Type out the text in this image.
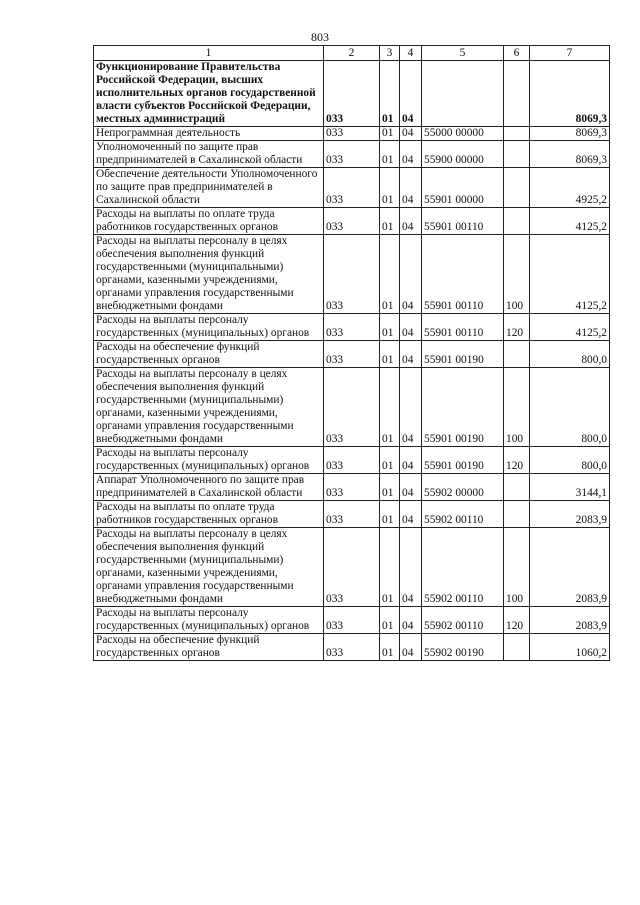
803
1	2	3	4	5	6	7
Функционирование Правительства Российской Федерации, высших исполнительных органов государственной власти субъектов Российской Федерации, местных администраций	033	01	04			8069,3
Непрограммная деятельность	033	01	04	55000 00000		8069,3
Уполномоченный по защите прав предпринимателей в Сахалинской области	033	01	04	55900 00000		8069,3
Обеспечение деятельности Уполномоченного по защите прав предпринимателей в Сахалинской области	033	01	04	55901 00000		4925,2
Расходы на выплаты по оплате труда работников государственных органов	033	01	04	55901 00110		4125,2
Расходы на выплаты персоналу в целях обеспечения выполнения функций государственными (муниципальными) органами, казенными учреждениями, органами управления государственными внебюджетными фондами	033	01	04	55901 00110	100	4125,2
Расходы на выплаты персоналу государственных (муниципальных) органов	033	01	04	55901 00110	120	4125,2
Расходы на обеспечение функций государственных органов	033	01	04	55901 00190		800,0
Расходы на выплаты персоналу в целях обеспечения выполнения функций государственными (муниципальными) органами, казенными учреждениями, органами управления государственными внебюджетными фондами	033	01	04	55901 00190	100	800,0
Расходы на выплаты персоналу государственных (муниципальных) органов	033	01	04	55901 00190	120	800,0
Аппарат Уполномоченного по защите прав предпринимателей в Сахалинской области	033	01	04	55902 00000		3144,1
Расходы на выплаты по оплате труда работников государственных органов	033	01	04	55902 00110		2083,9
Расходы на выплаты персоналу в целях обеспечения выполнения функций государственными (муниципальными) органами, казенными учреждениями, органами управления государственными внебюджетными фондами	033	01	04	55902 00110	100	2083,9
Расходы на выплаты персоналу государственных (муниципальных) органов	033	01	04	55902 00110	120	2083,9
Расходы на обеспечение функций государственных органов	033	01	04	55902 00190		1060,2
